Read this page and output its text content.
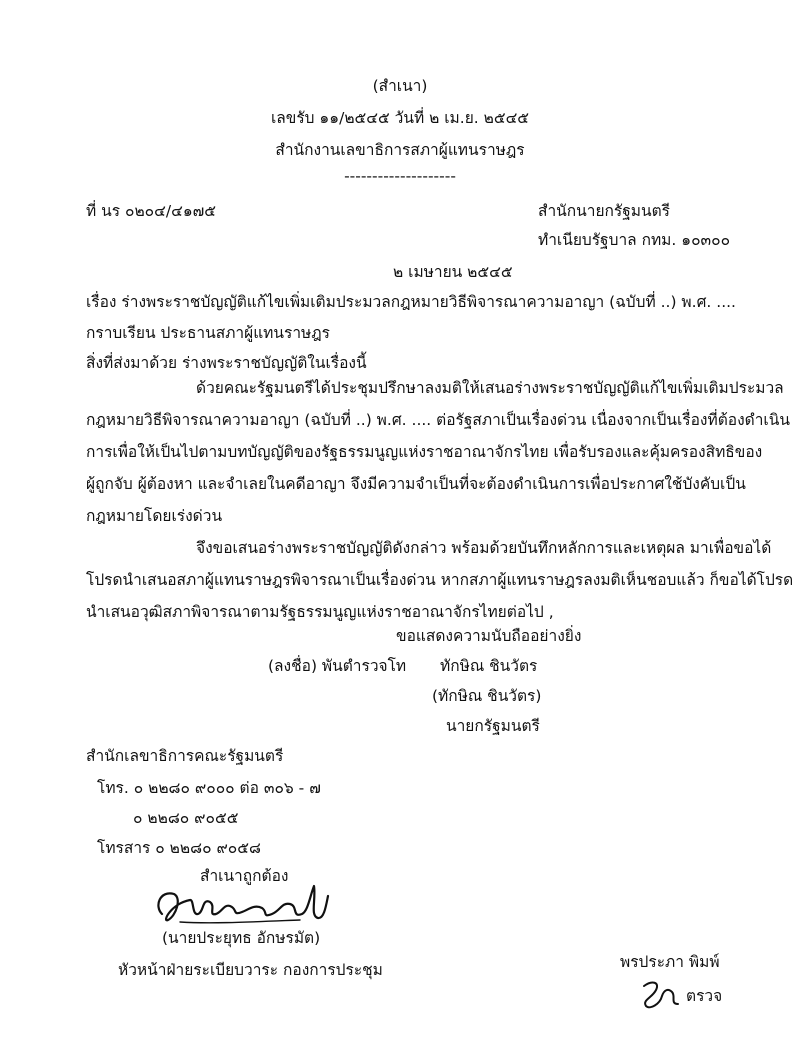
(สำเนา)
เลขรับ ๑๑/๒๕๔๕ วันที่ ๒ เม.ย. ๒๕๔๕
สำนักงานเลขาธิการสภาผู้แทนราษฎร
--------------------
ที่ นร ๐๒๐๔/๔๑๗๕	สำนักนายกรัฐมนตรี
ทำเนียบรัฐบาล กทม. ๑๐๓๐๐
๒ เมษายน ๒๕๔๕
เรื่อง ร่างพระราชบัญญัติแก้ไขเพิ่มเติมประมวลกฎหมายวิธีพิจารณาความอาญา (ฉบับที่ ..) พ.ศ. ....
กราบเรียน ประธานสภาผู้แทนราษฎร
สิ่งที่ส่งมาด้วย ร่างพระราชบัญญัติในเรื่องนี้
ด้วยคณะรัฐมนตรีได้ประชุมปรึกษาลงมติให้เสนอร่างพระราชบัญญัติแก้ไขเพิ่มเติมประมวล
กฎหมายวิธีพิจารณาความอาญา (ฉบับที่ ..) พ.ศ. .... ต่อรัฐสภาเป็นเรื่องด่วน เนื่องจากเป็นเรื่องที่ต้องดำเนิน
การเพื่อให้เป็นไปตามบทบัญญัติของรัฐธรรมนูญแห่งราชอาณาจักรไทย เพื่อรับรองและคุ้มครองสิทธิของ
ผู้ถูกจับ ผู้ต้องหา และจำเลยในคดีอาญา จึงมีความจำเป็นที่จะต้องดำเนินการเพื่อประกาศใช้บังคับเป็น
กฎหมายโดยเร่งด่วน
จึงขอเสนอร่างพระราชบัญญัติดังกล่าว พร้อมด้วยบันทึกหลักการและเหตุผล มาเพื่อขอได้
โปรดนำเสนอสภาผู้แทนราษฎรพิจารณาเป็นเรื่องด่วน หากสภาผู้แทนราษฎรลงมติเห็นชอบแล้ว ก็ขอได้โปรด
นำเสนอวุฒิสภาพิจารณาตามรัฐธรรมนูญแห่งราชอาณาจักรไทยต่อไป ,
ขอแสดงความนับถืออย่างยิ่ง
(ลงชื่อ) พันตำรวจโท ทักษิณ ชินวัตร
(ทักษิณ ชินวัตร)
นายกรัฐมนตรี
สำนักเลขาธิการคณะรัฐมนตรี
โทร. ๐ ๒๒๘๐ ๙๐๐๐ ต่อ ๓๐๖ - ๗
๐ ๒๒๘๐ ๙๐๕๕
โทรสาร ๐ ๒๒๘๐ ๙๐๕๘
สำเนาถูกต้อง
(นายประยุทธ อักษรมัต)
หัวหน้าฝ่ายระเบียบวาระ กองการประชุม	พรประภา พิมพ์
ตรวจ
